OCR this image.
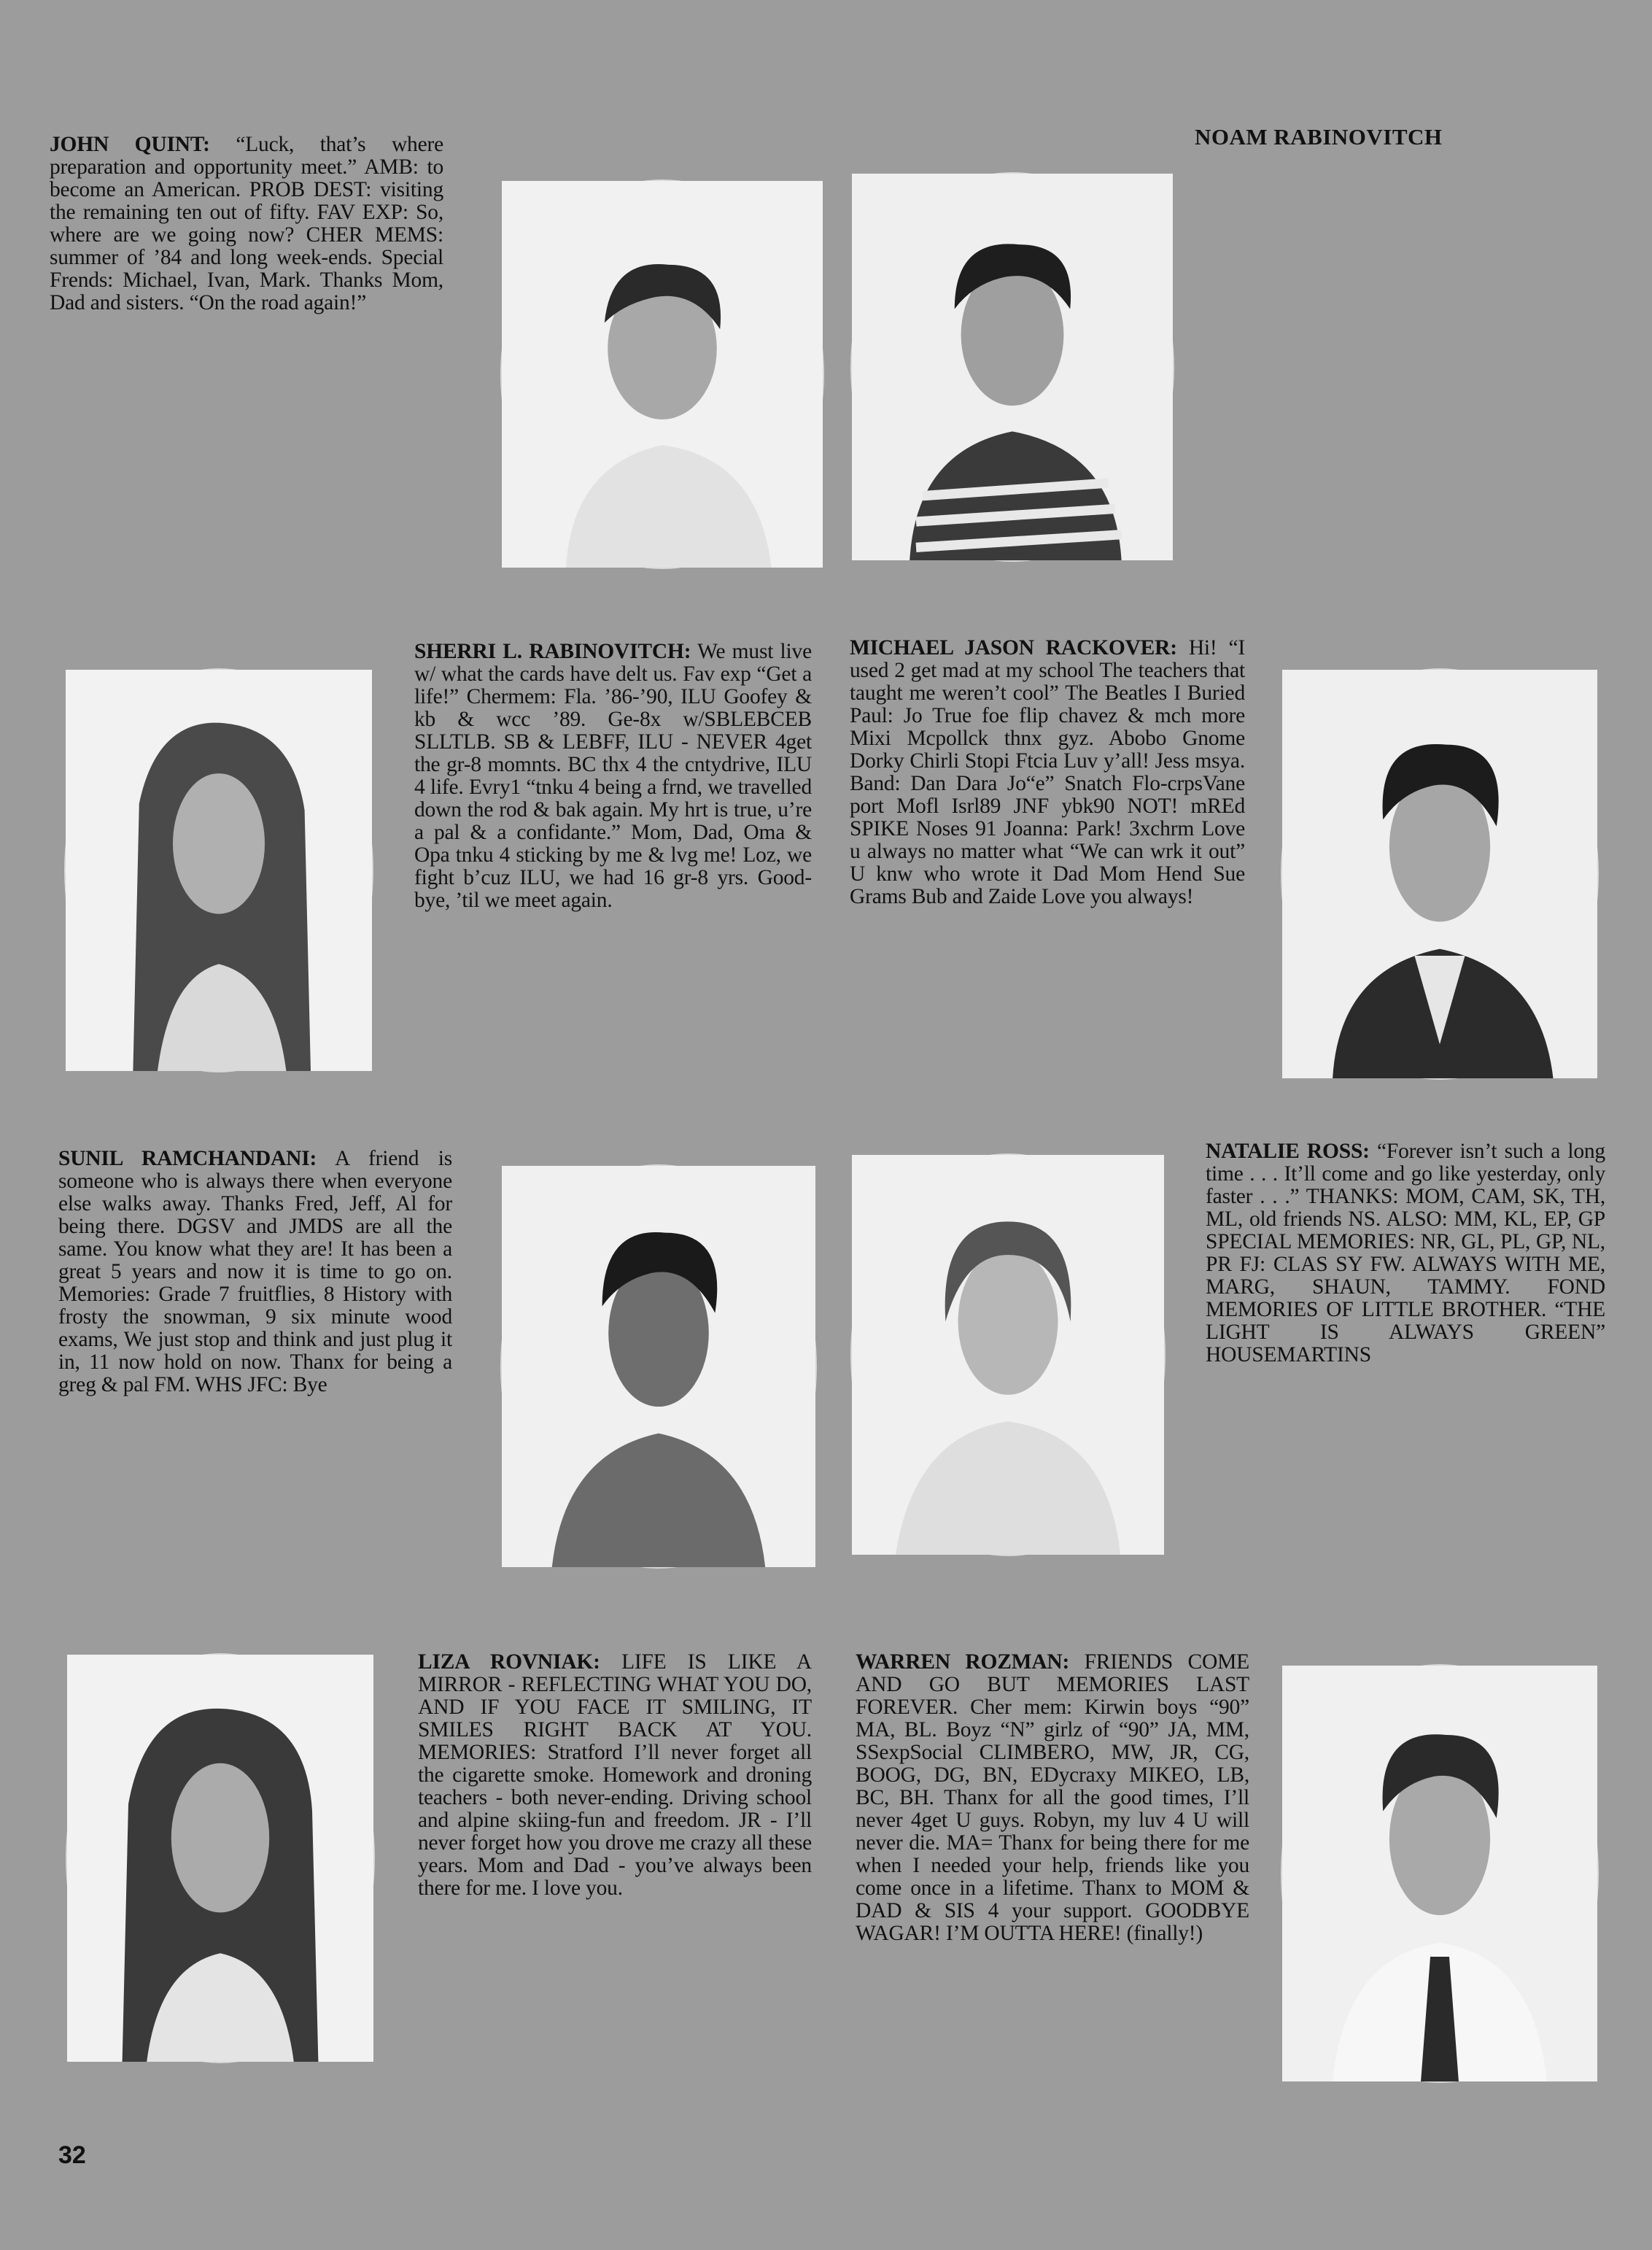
JOHN QUINT: “Luck, that’s where preparation and opportunity meet.” AMB: to become an American. PROB DEST: visiting the remaining ten out of fifty. FAV EXP: So, where are we going now? CHER MEMS: summer of ’84 and long week-ends. Special Frends: Michael, Ivan, Mark. Thanks Mom, Dad and sisters. “On the road again!”
NOAM RABINOVITCH
SHERRI L. RABINOVITCH: We must live w/ what the cards have delt us. Fav exp “Get a life!” Chermem: Fla. ’86-’90, ILU Goofey & kb & wcc ’89. Ge-8x w/SBLEBCEB SLLTLB. SB & LEBFF, ILU - NEVER 4get the gr-8 momnts. BC thx 4 the cntydrive, ILU 4 life. Evry1 “tnku 4 being a frnd, we travelled down the rod & bak again. My hrt is true, u’re a pal & a confidante.” Mom, Dad, Oma & Opa tnku 4 sticking by me & lvg me! Loz, we fight b’cuz ILU, we had 16 gr-8 yrs. Good-bye, ’til we meet again.
MICHAEL JASON RACKOVER: Hi! “I used 2 get mad at my school The teachers that taught me weren’t cool” The Beatles I Buried Paul: Jo True foe flip chavez & mch more Mixi Mcpollck thnx gyz. Abobo Gnome Dorky Chirli Stopi Ftcia Luv y’all! Jess msya. Band: Dan Dara Jo“e” Snatch Flo-crpsVane port Mofl Isrl89 JNF ybk90 NOT! mREd SPIKE Noses 91 Joanna: Park! 3xchrm Love u always no matter what “We can wrk it out” U knw who wrote it Dad Mom Hend Sue Grams Bub and Zaide Love you always!
SUNIL RAMCHANDANI: A friend is someone who is always there when everyone else walks away. Thanks Fred, Jeff, Al for being there. DGSV and JMDS are all the same. You know what they are! It has been a great 5 years and now it is time to go on. Memories: Grade 7 fruitflies, 8 History with frosty the snowman, 9 six minute wood exams, We just stop and think and just plug it in, 11 now hold on now. Thanx for being a greg & pal FM. WHS JFC: Bye
NATALIE ROSS: “Forever isn’t such a long time . . . It’ll come and go like yesterday, only faster . . .” THANKS: MOM, CAM, SK, TH, ML, old friends NS. ALSO: MM, KL, EP, GP SPECIAL MEMORIES: NR, GL, PL, GP, NL, PR FJ: CLAS SY FW. ALWAYS WITH ME, MARG, SHAUN, TAMMY. FOND MEMORIES OF LITTLE BROTHER. “THE LIGHT IS ALWAYS GREEN” HOUSEMARTINS
LIZA ROVNIAK: LIFE IS LIKE A MIRROR - REFLECTING WHAT YOU DO, AND IF YOU FACE IT SMILING, IT SMILES RIGHT BACK AT YOU. MEMORIES: Stratford I’ll never forget all the cigarette smoke. Homework and droning teachers - both never-ending. Driving school and alpine skiing-fun and freedom. JR - I’ll never forget how you drove me crazy all these years. Mom and Dad - you’ve always been there for me. I love you.
WARREN ROZMAN: FRIENDS COME AND GO BUT MEMORIES LAST FOREVER. Cher mem: Kirwin boys “90” MA, BL. Boyz “N” girlz of “90” JA, MM, SSexpSocial CLIMBERO, MW, JR, CG, BOOG, DG, BN, EDycraxy MIKEO, LB, BC, BH. Thanx for all the good times, I’ll never 4get U guys. Robyn, my luv 4 U will never die. MA= Thanx for being there for me when I needed your help, friends like you come once in a lifetime. Thanx to MOM & DAD & SIS 4 your support. GOODBYE WAGAR! I’M OUTTA HERE! (finally!)
32
